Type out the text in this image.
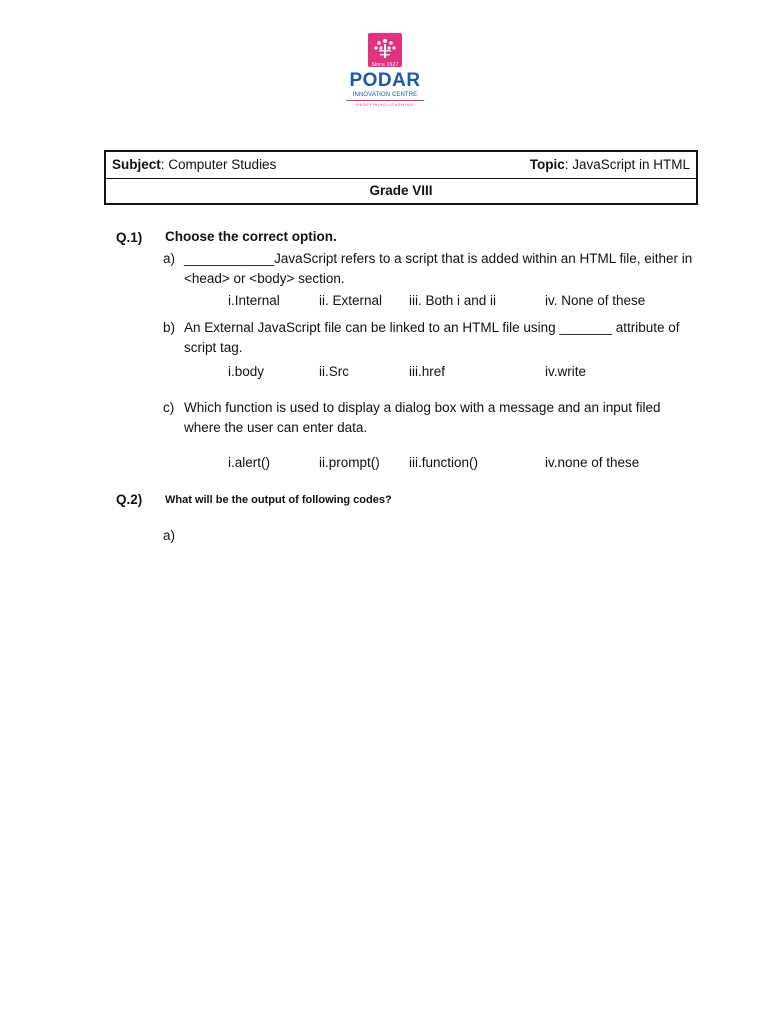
Since 1927
PODAR
INNOVATION CENTRE
REDEFINING LEARNING
Subject: Computer Studies	Topic: JavaScript in HTML
Grade VIII
Q.1) Choose the correct option.
a) ____________JavaScript refers to a script that is added within an HTML file, either in
<head> or <body> section.
i.Internal	ii. External iii. Both i and ii	iv. None of these
b) An External JavaScript file can be linked to an HTML file using _______ attribute of
script tag.
i.body	ii.Src	iii.href	iv.write
c) Which function is used to display a dialog box with a message and an input filed
where the user can enter data.
i.alert()	ii.prompt() iii.function()	iv.none of these
Q.2) What will be the output of following codes?
a)
